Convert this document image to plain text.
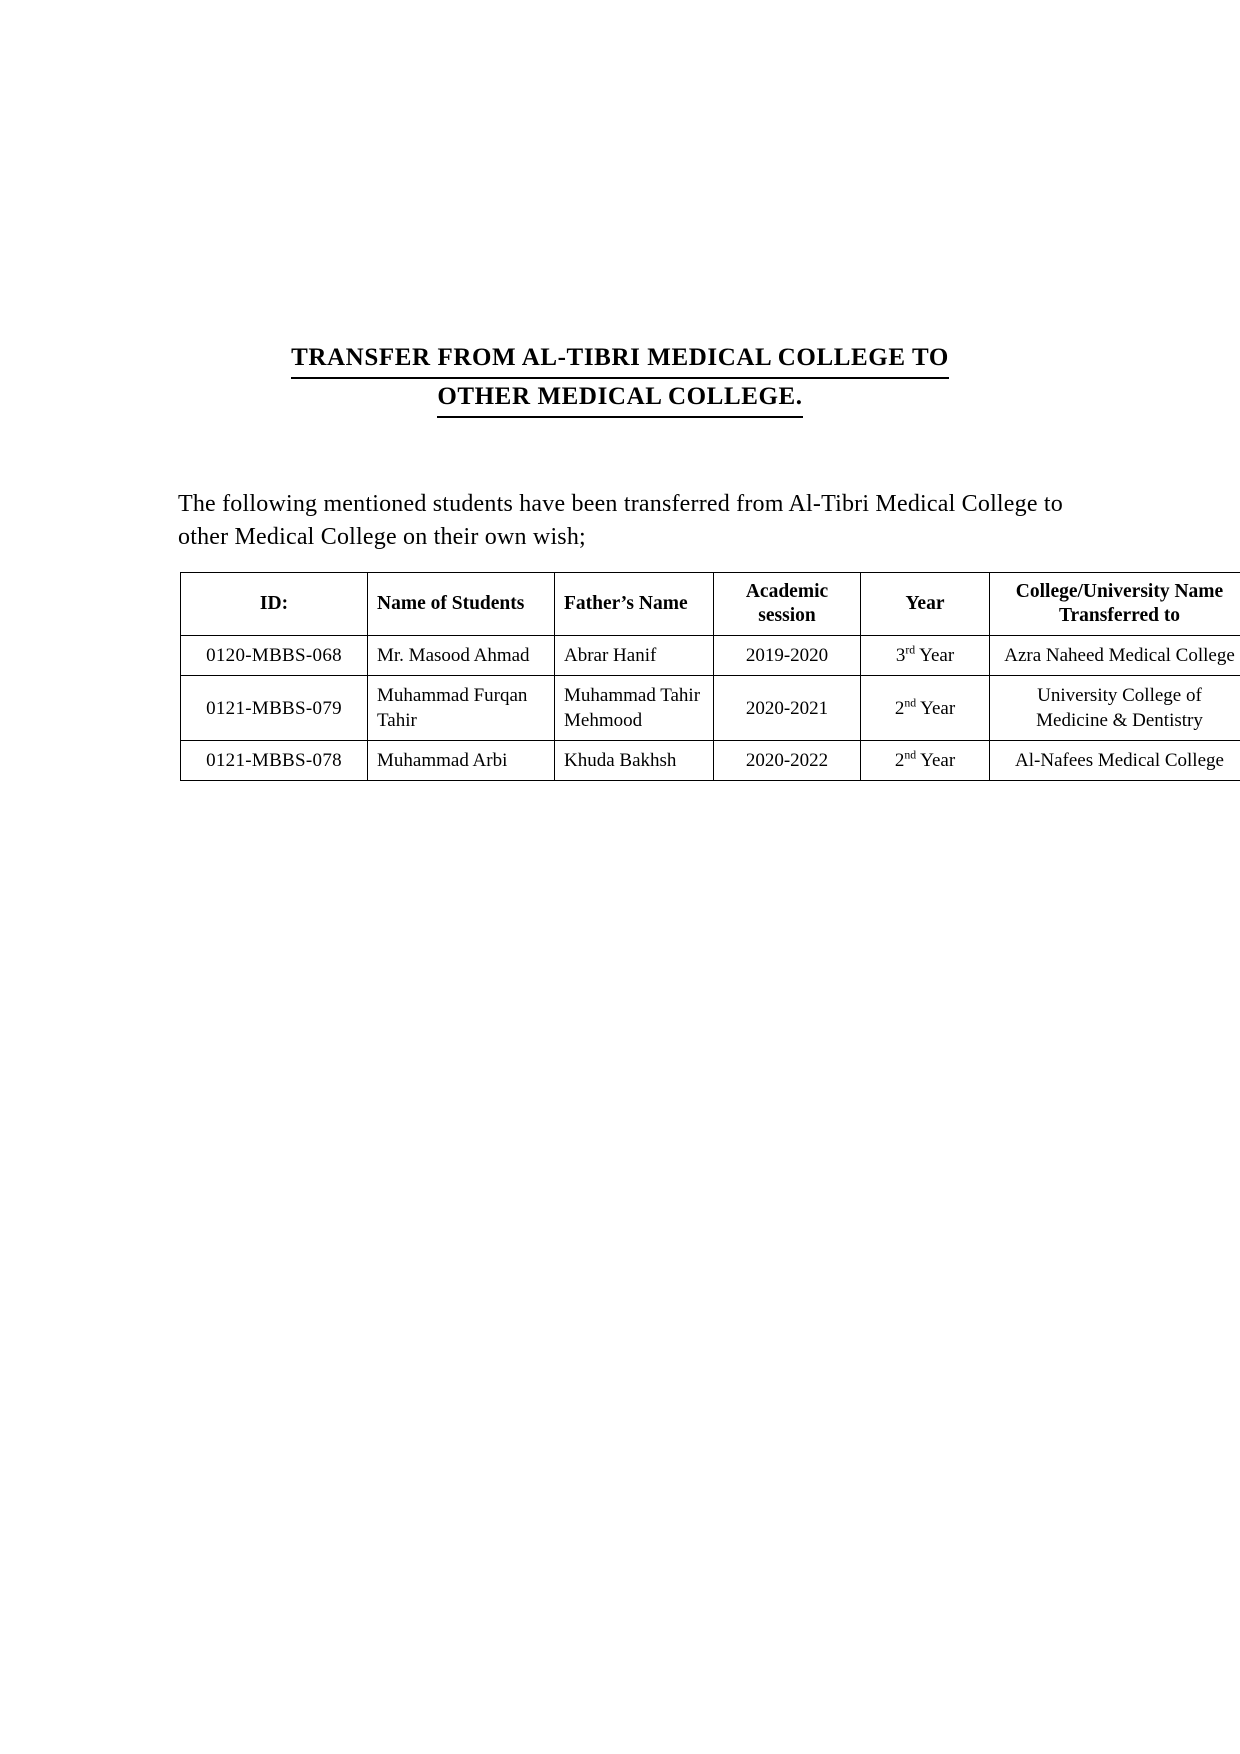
TRANSFER FROM AL-TIBRI MEDICAL COLLEGE TO
OTHER MEDICAL COLLEGE.
The following mentioned students have been transferred from Al-Tibri Medical College to other Medical College on their own wish;
ID:	Name of Students	Father’s Name	Academic session	Year	College/University Name Transferred to
0120-MBBS-068	Mr. Masood Ahmad	Abrar Hanif	2019-2020	3rd Year	Azra Naheed Medical College
0121-MBBS-079	Muhammad Furqan Tahir	Muhammad Tahir Mehmood	2020-2021	2nd Year	University College of Medicine & Dentistry
0121-MBBS-078	Muhammad Arbi	Khuda Bakhsh	2020-2022	2nd Year	Al-Nafees Medical College
